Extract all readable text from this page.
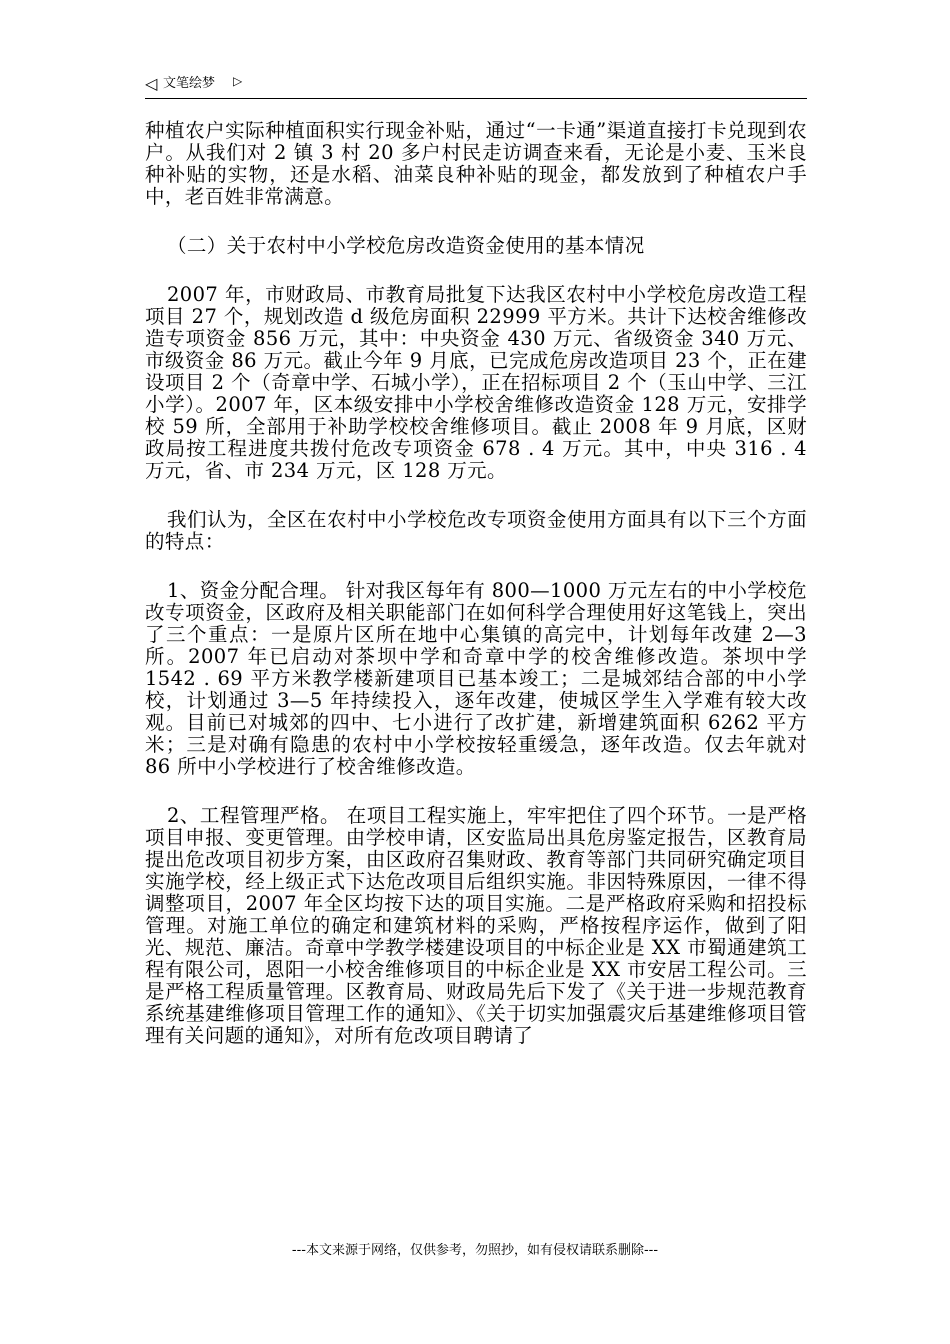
◁ 文笔绘梦 ▷

种植农户实际种植面积实行现金补贴，通过“一卡通”渠道直接打卡兑现到农户。从我们对 2 镇 3 村 20 多户村民走访调查来看，无论是小麦、玉米良种补贴的实物，还是水稻、油菜良种补贴的现金，都发放到了种植农户手中，老百姓非常满意。

（二）关于农村中小学校危房改造资金使用的基本情况

2007 年，市财政局、市教育局批复下达我区农村中小学校危房改造工程项目 27 个，规划改造 d 级危房面积 22999 平方米。共计下达校舍维修改造专项资金 856 万元，其中：中央资金 430 万元、省级资金 340 万元、市级资金 86 万元。截止今年 9 月底，已完成危房改造项目 23 个，正在建设项目 2 个（奇章中学、石城小学），正在招标项目 2 个（玉山中学、三江小学）。2007 年，区本级安排中小学校舍维修改造资金 128 万元，安排学校 59 所，全部用于补助学校校舍维修项目。截止 2008 年 9 月底，区财政局按工程进度共拨付危改专项资金 678 . 4 万元。其中，中央 316 . 4 万元，省、市 234 万元，区 128 万元。

我们认为，全区在农村中小学校危改专项资金使用方面具有以下三个方面的特点：

1、资金分配合理。 针对我区每年有 800—1000 万元左右的中小学校危改专项资金，区政府及相关职能部门在如何科学合理使用好这笔钱上，突出了三个重点：一是原片区所在地中心集镇的高完中，计划每年改建 2—3 所。2007 年已启动对茶坝中学和奇章中学的校舍维修改造。茶坝中学 1542 . 69 平方米教学楼新建项目已基本竣工；二是城郊结合部的中小学校，计划通过 3—5 年持续投入，逐年改建，使城区学生入学难有较大改观。目前已对城郊的四中、七小进行了改扩建，新增建筑面积 6262 平方米；三是对确有隐患的农村中小学校按轻重缓急，逐年改造。仅去年就对 86 所中小学校进行了校舍维修改造。

2、工程管理严格。 在项目工程实施上，牢牢把住了四个环节。一是严格项目申报、变更管理。由学校申请，区安监局出具危房鉴定报告，区教育局提出危改项目初步方案，由区政府召集财政、教育等部门共同研究确定项目实施学校，经上级正式下达危改项目后组织实施。非因特殊原因，一律不得调整项目，2007 年全区均按下达的项目实施。二是严格政府采购和招投标管理。对施工单位的确定和建筑材料的采购，严格按程序运作，做到了阳光、规范、廉洁。奇章中学教学楼建设项目的中标企业是 XX 市蜀通建筑工程有限公司，恩阳一小校舍维修项目的中标企业是 XX 市安居工程公司。三是严格工程质量管理。区教育局、财政局先后下发了《关于进一步规范教育系统基建维修项目管理工作的通知》、《关于切实加强震灾后基建维修项目管理有关问题的通知》，对所有危改项目聘请了

---本文来源于网络，仅供参考，勿照抄，如有侵权请联系删除---
